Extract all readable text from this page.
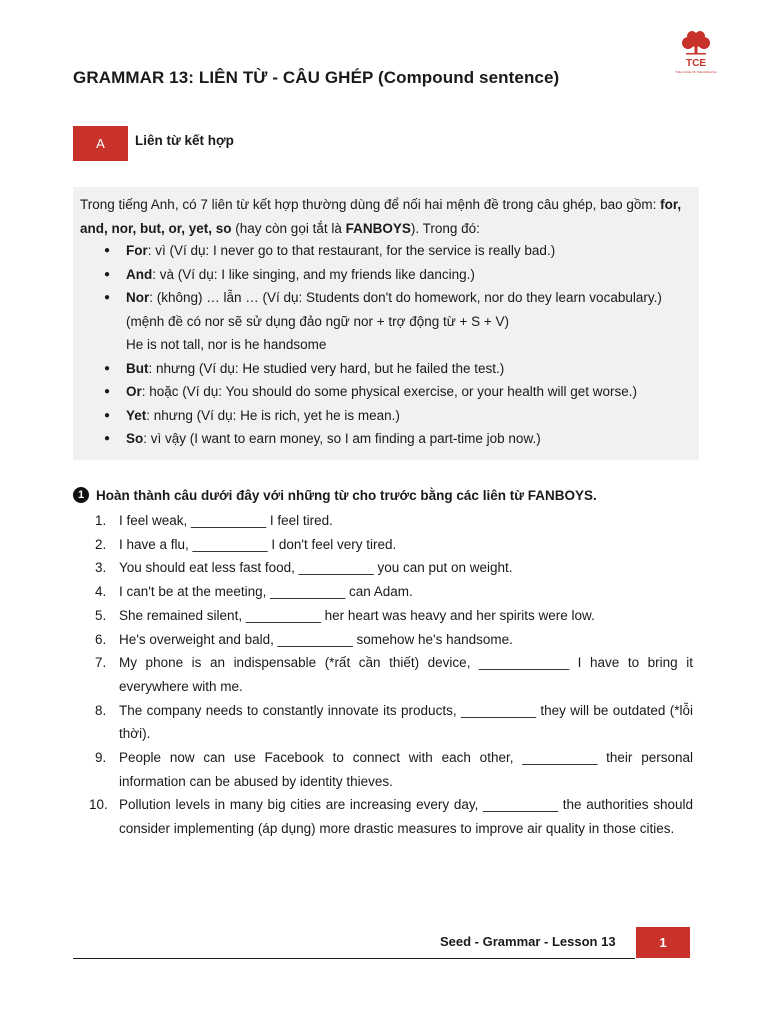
TCE
THE CAGE OF THE ENGLISH
GRAMMAR 13: LIÊN TỪ - CÂU GHÉP (Compound sentence)
A	Liên từ kết hợp
Trong tiếng Anh, có 7 liên từ kết hợp thường dùng để nối hai mệnh đề trong câu ghép, bao gồm: for, and, nor, but, or, yet, so (hay còn gọi tắt là FANBOYS). Trong đó:
● For: vì (Ví dụ: I never go to that restaurant, for the service is really bad.)
● And: và (Ví dụ: I like singing, and my friends like dancing.)
● Nor: (không) … lẫn … (Ví dụ: Students don't do homework, nor do they learn vocabulary.)
(mệnh đề có nor sẽ sử dụng đảo ngữ nor + trợ động từ + S + V)
He is not tall, nor is he handsome
● But: nhưng (Ví dụ: He studied very hard, but he failed the test.)
● Or: hoặc (Ví dụ: You should do some physical exercise, or your health will get worse.)
● Yet: nhưng (Ví dụ: He is rich, yet he is mean.)
● So: vì vậy (I want to earn money, so I am finding a part-time job now.)
1 Hoàn thành câu dưới đây với những từ cho trước bằng các liên từ FANBOYS.
1. I feel weak, __________ I feel tired.
2. I have a flu, __________ I don't feel very tired.
3. You should eat less fast food, __________ you can put on weight.
4. I can't be at the meeting, __________ can Adam.
5. She remained silent, __________ her heart was heavy and her spirits were low.
6. He's overweight and bald, __________ somehow he's handsome.
7. My phone is an indispensable (*rất cần thiết) device, ____________ I have to bring it everywhere with me.
8. The company needs to constantly innovate its products, __________ they will be outdated (*lỗi thời).
9. People now can use Facebook to connect with each other, __________ their personal information can be abused by identity thieves.
10. Pollution levels in many big cities are increasing every day, __________ the authorities should consider implementing (áp dụng) more drastic measures to improve air quality in those cities.
Seed - Grammar - Lesson 13	1
